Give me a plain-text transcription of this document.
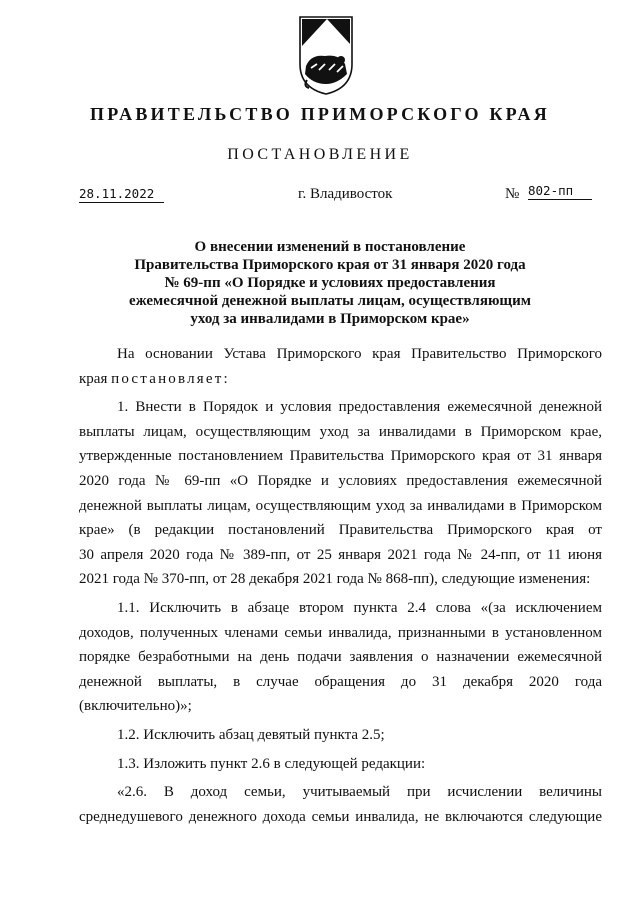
ПРАВИТЕЛЬСТВО ПРИМОРСКОГО КРАЯ
ПОСТАНОВЛЕНИЕ
28.11.2022	г. Владивосток	№ 802-пп
О внесении изменений в постановление
Правительства Приморского края от 31 января 2020 года
№ 69-пп «О Порядке и условиях предоставления
ежемесячной денежной выплаты лицам, осуществляющим
уход за инвалидами в Приморском крае»
На основании Устава Приморского края Правительство Приморского
края постановляет:
1. Внести в Порядок и условия предоставления ежемесячной денежной
выплаты лицам, осуществляющим уход за инвалидами в Приморском крае,
утвержденные постановлением Правительства Приморского края от 31 января
2020 года № 69-пп «О Порядке и условиях предоставления ежемесячной
денежной выплаты лицам, осуществляющим уход за инвалидами в Приморском
крае» (в редакции постановлений Правительства Приморского края от
30 апреля 2020 года № 389-пп, от 25 января 2021 года № 24-пп, от 11 июня
2021 года № 370-пп, от 28 декабря 2021 года № 868-пп), следующие изменения:
1.1. Исключить в абзаце втором пункта 2.4 слова «(за исключением
доходов, полученных членами семьи инвалида, признанными в установленном
порядке безработными на день подачи заявления о назначении ежемесячной
денежной выплаты, в случае обращения до 31 декабря 2020 года
(включительно)»;
1.2. Исключить абзац девятый пункта 2.5;
1.3. Изложить пункт 2.6 в следующей редакции:
«2.6. В доход семьи, учитываемый при исчислении величины
среднедушевого денежного дохода семьи инвалида, не включаются следующие
